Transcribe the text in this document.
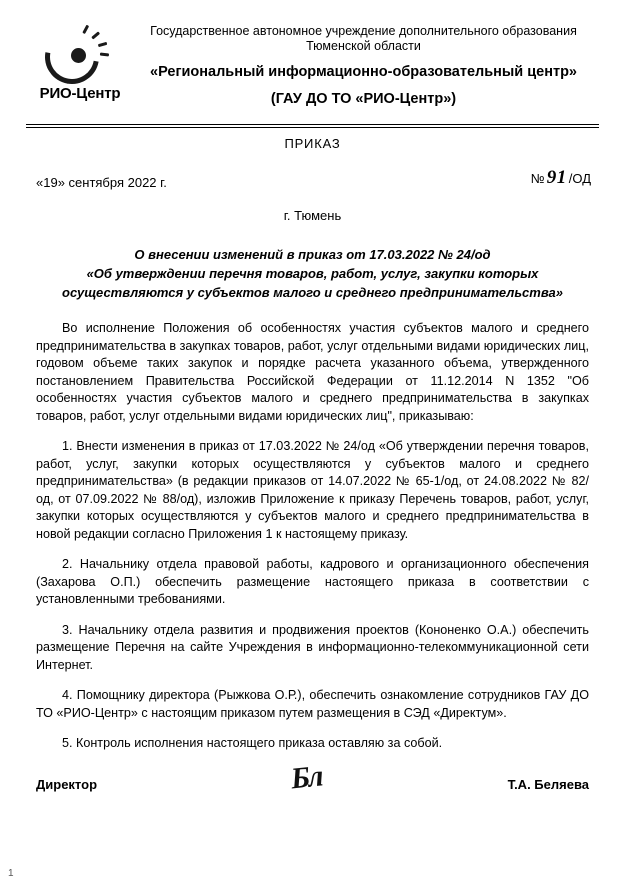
РИО-Центр
Государственное автономное учреждение дополнительного образования
Тюменской области
«Региональный информационно-образовательный центр»
(ГАУ ДО ТО «РИО-Центр»)
ПРИКАЗ
«19» сентября 2022 г.	№ 91 /ОД
г. Тюмень
О внесении изменений в приказ от 17.03.2022 № 24/од
«Об утверждении перечня товаров, работ, услуг, закупки которых
осуществляются у субъектов малого и среднего предпринимательства»

Во исполнение Положения об особенностях участия субъектов малого и среднего предпринимательства в закупках товаров, работ, услуг отдельными видами юридических лиц, годовом объеме таких закупок и порядке расчета указанного объема, утвержденного постановлением Правительства Российской Федерации от 11.12.2014 N 1352 "Об особенностях участия субъектов малого и среднего предпринимательства в закупках товаров, работ, услуг отдельными видами юридических лиц", приказываю:

1. Внести изменения в приказ от 17.03.2022 № 24/од «Об утверждении перечня товаров, работ, услуг, закупки которых осуществляются у субъектов малого и среднего предпринимательства» (в редакции приказов от 14.07.2022 № 65-1/од, от 24.08.2022 № 82/од, от 07.09.2022 № 88/од), изложив Приложение к приказу Перечень товаров, работ, услуг, закупки которых осуществляются у субъектов малого и среднего предпринимательства в новой редакции согласно Приложения 1 к настоящему приказу.

2. Начальнику отдела правовой работы, кадрового и организационного обеспечения (Захарова О.П.) обеспечить размещение настоящего приказа в соответствии с установленными требованиями.

3. Начальнику отдела развития и продвижения проектов (Кононенко О.А.) обеспечить размещение Перечня на сайте Учреждения в информационно-телекоммуникационной сети Интернет.

4. Помощнику директора (Рыжкова О.Р.), обеспечить ознакомление сотрудников ГАУ ДО ТО «РИО-Центр» с настоящим приказом путем размещения в СЭД «Директум».

5. Контроль исполнения настоящего приказа оставляю за собой.

Директор	Бл	Т.А. Беляева
1
